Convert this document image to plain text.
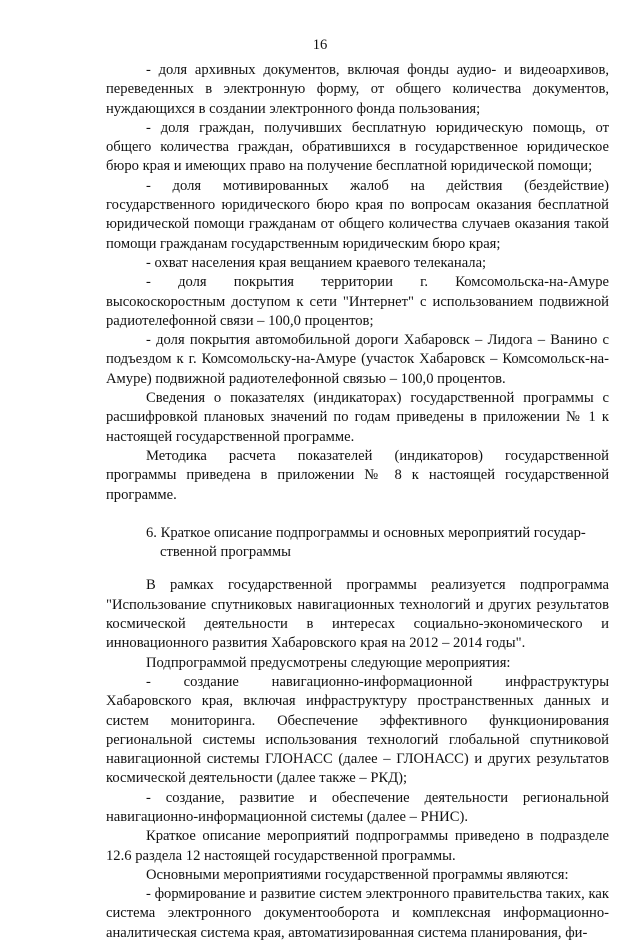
16

- доля архивных документов, включая фонды аудио- и видеоархивов, переведенных в электронную форму, от общего количества документов, нуждающихся в создании электронного фонда пользования;

- доля граждан, получивших бесплатную юридическую помощь, от общего количества граждан, обратившихся в государственное юридическое бюро края и имеющих право на получение бесплатной юридической помощи;

- доля мотивированных жалоб на действия (бездействие) государственного юридического бюро края по вопросам оказания бесплатной юридической помощи гражданам от общего количества случаев оказания такой помощи гражданам государственным юридическим бюро края;

- охват населения края вещанием краевого телеканала;

- доля покрытия территории г. Комсомольска-на-Амуре высокоскоростным доступом к сети "Интернет" с использованием подвижной радиотелефонной связи – 100,0 процентов;

- доля покрытия автомобильной дороги Хабаровск – Лидога – Ванино с подъездом к г. Комсомольску-на-Амуре (участок Хабаровск – Комсомольск-на-Амуре) подвижной радиотелефонной связью – 100,0 процентов.

Сведения о показателях (индикаторах) государственной программы с расшифровкой плановых значений по годам приведены в приложении № 1 к настоящей государственной программе.

Методика расчета показателей (индикаторов) государственной программы приведена в приложении № 8 к настоящей государственной программе.

6. Краткое описание подпрограммы и основных мероприятий государ-
ственной программы

В рамках государственной программы реализуется подпрограмма "Использование спутниковых навигационных технологий и других результатов космической деятельности в интересах социально-экономического и инновационного развития Хабаровского края на 2012 – 2014 годы".

Подпрограммой предусмотрены следующие мероприятия:

- создание навигационно-информационной инфраструктуры Хабаровского края, включая инфраструктуру пространственных данных и систем мониторинга. Обеспечение эффективного функционирования региональной системы использования технологий глобальной спутниковой навигационной системы ГЛОНАСС (далее – ГЛОНАСС) и других результатов космической деятельности (далее также – РКД);

- создание, развитие и обеспечение деятельности региональной навигационно-информационной системы (далее – РНИС).

Краткое описание мероприятий подпрограммы приведено в подразделе 12.6 раздела 12 настоящей государственной программы.

Основными мероприятиями государственной программы являются:

- формирование и развитие систем электронного правительства таких, как система электронного документооборота и комплексная информационно-аналитическая система края, автоматизированная система планирования, фи-
